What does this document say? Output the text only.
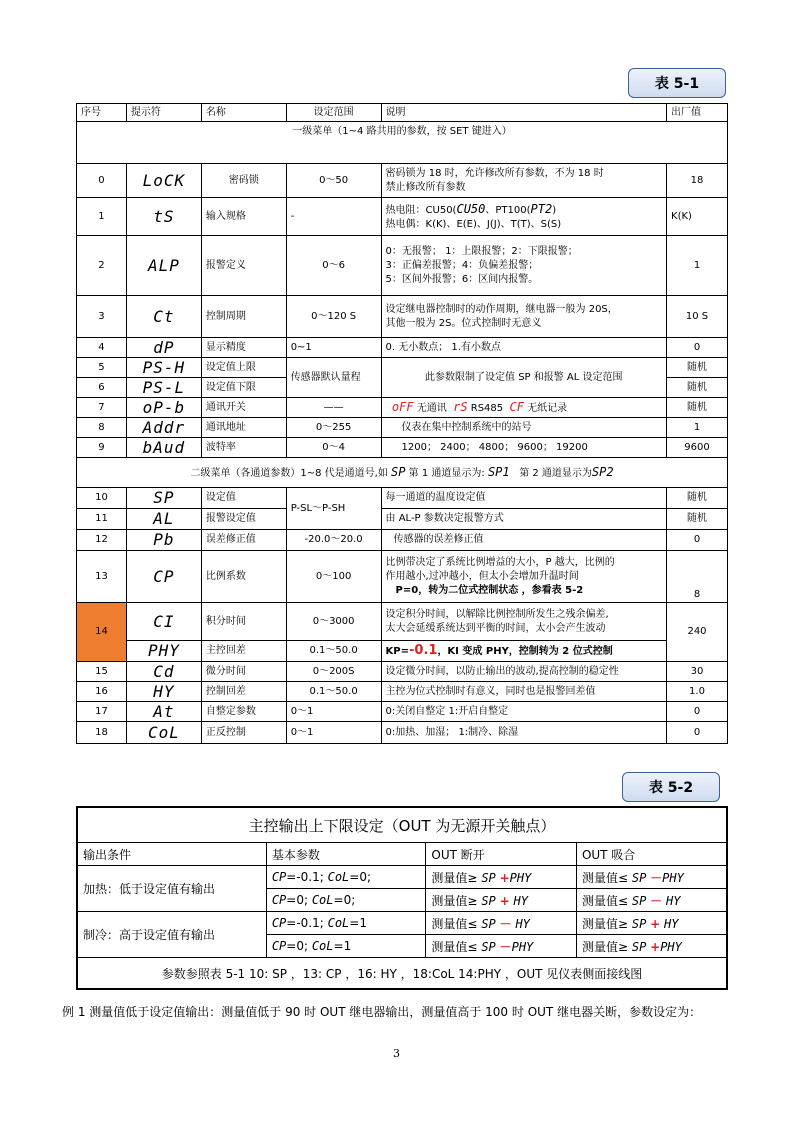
表 5-1
序号	提示符	名称	设定范围	说明	出厂值
一级菜单（1~4 路共用的参数，按 SET 键进入）					
0	LoCK	密码锁	0～50	密码锁为 18 时，允许修改所有参数，不为 18 时
禁止修改所有参数	18
1	tS	输入规格	-	热电阻：CU50(CU50、PT100(PT2)
热电偶：K(K)、E(E)、J(J)、T(T)、S(S)	K(K)
2	ALP	报警定义	0～6	0：无报警； 1：上限报警；2：下限报警；
3：正偏差报警；4：负偏差报警；
5：区间外报警；6：区间内报警。	1
3	Ct	控制周期	0～120 S	设定继电器控制时的动作周期，继电器一般为 20S，
其他一般为 2S。位式控制时无意义	10 S
4	dP	显示精度	0~1	0. 无小数点； 1.有小数点	0
5	PS-H	设定值上限	传感器默认量程	此参数限制了设定值 SP 和报警 AL 设定范围	随机
6	PS-L	设定值下限			随机
7	oP-b	通讯开关	——	oFF 无通讯 rS RS485 CF 无纸记录	随机
8	Addr	通讯地址	0～255	仪表在集中控制系统中的站号	1
9	bAud	波特率	0～4	1200； 2400； 4800； 9600； 19200	9600
二级菜单（各通道参数）1~8 代是通道号,如 SP 第 1 通道显示为: SP1 第 2 通道显示为SP2					
10	SP	设定值	P-SL～P-SH	每一通道的温度设定值	随机
11	AL	报警设定值		由 AL-P 参数决定报警方式	随机
12	Pb	误差修正值	-20.0～20.0	传感器的误差修正值	0
13	CP	比例系数	0～100	比例带决定了系统比例增益的大小，P 越大，比例的
作用越小,过冲越小，但太小会增加升温时间
P=0，转为二位式控制状态 ，参看表 5-2	8
14	CI	积分时间	0～3000	设定积分时间，以解除比例控制所发生之残余偏差,
太大会延缓系统达到平衡的时间，太小会产生波动	240
	PHY	主控回差	0.1～50.0	KP=-0.1，KI 变成 PHY，控制转为 2 位式控制	
15	Cd	微分时间	0～200S	设定微分时间，以防止输出的波动,提高控制的稳定性	30
16	HY	控制回差	0.1～50.0	主控为位式控制时有意义，同时也是报警回差值	1.0
17	At	自整定参数	0～1	0:关闭自整定 1:开启自整定	0
18	CoL	正反控制	0～1	0:加热、加湿； 1:制冷、除湿	0
表 5-2
主控输出上下限设定（OUT 为无源开关触点）			
输出条件	基本参数	OUT 断开	OUT 吸合
加热：低于设定值有输出	CP=-0.1; CoL=0;	测量值≥ SP +PHY	测量值≤ SP －PHY
	CP=0; CoL=0;	测量值≥ SP + HY	测量值≤ SP － HY
制冷：高于设定值有输出	CP=-0.1; CoL=1	测量值≤ SP － HY	测量值≥ SP + HY
	CP=0; CoL=1	测量值≤ SP －PHY	测量值≥ SP +PHY
参数参照表 5-1 10: SP ，13: CP ，16: HY ，18:CoL 14:PHY ，OUT 见仪表侧面接线图			
例 1 测量值低于设定值输出：测量值低于 90 时 OUT 继电器输出，测量值高于 100 时 OUT 继电器关断，参数设定为：
3
